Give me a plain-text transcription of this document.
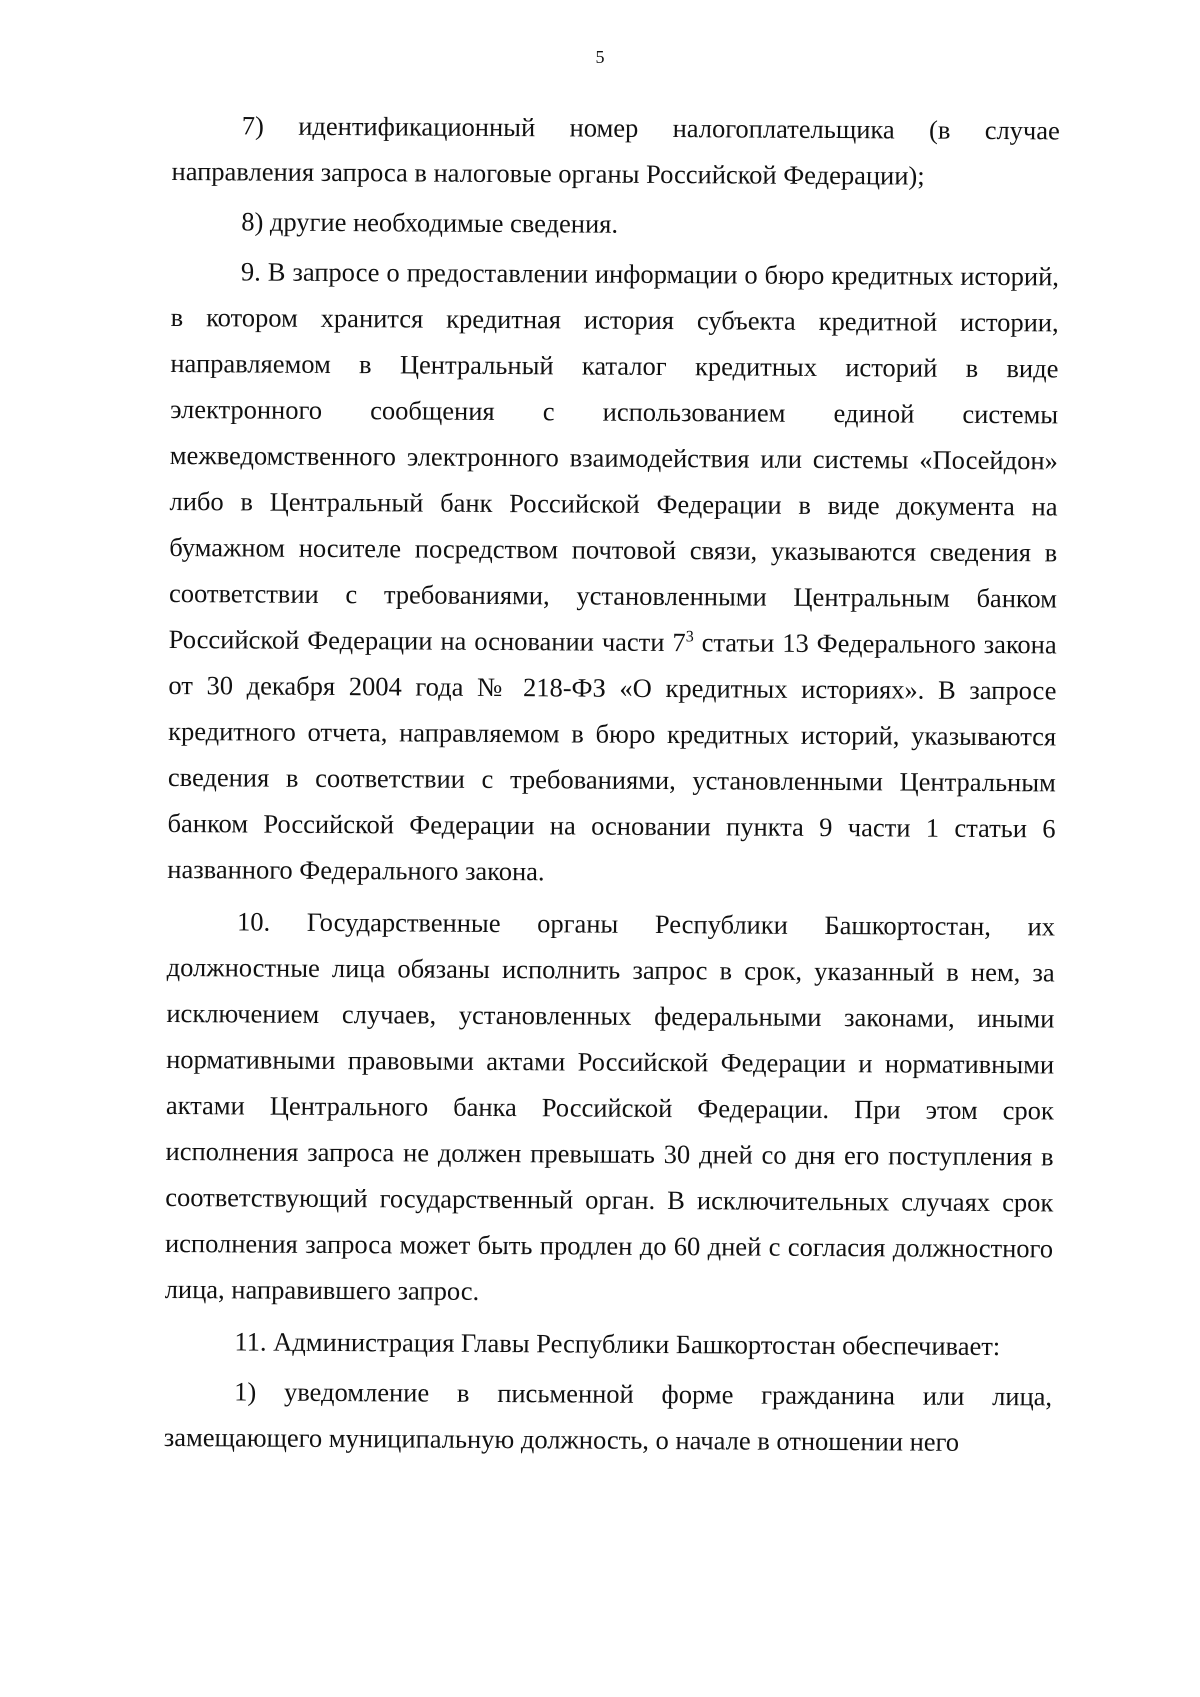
5

7) идентификационный номер налогоплательщика (в случае направления запроса в налоговые органы Российской Федерации);

8) другие необходимые сведения.

9. В запросе о предоставлении информации о бюро кредитных историй, в котором хранится кредитная история субъекта кредитной истории, направляемом в Центральный каталог кредитных историй в виде электронного сообщения с использованием единой системы межведомственного электронного взаимодействия или системы «Посейдон» либо в Центральный банк Российской Федерации в виде документа на бумажном носителе посредством почтовой связи, указываются сведения в соответствии с требованиями, установленными Центральным банком Российской Федерации на основании части $7^3$ статьи 13 Федерального закона от 30 декабря 2004 года № 218-ФЗ «О кредитных историях». В запросе кредитного отчета, направляемом в бюро кредитных историй, указываются сведения в соответствии с требованиями, установленными Центральным банком Российской Федерации на основании пункта 9 части 1 статьи 6 названного Федерального закона.

10. Государственные органы Республики Башкортостан, их должностные лица обязаны исполнить запрос в срок, указанный в нем, за исключением случаев, установленных федеральными законами, иными нормативными правовыми актами Российской Федерации и нормативными актами Центрального банка Российской Федерации. При этом срок исполнения запроса не должен превышать 30 дней со дня его поступления в соответствующий государственный орган. В исключительных случаях срок исполнения запроса может быть продлен до 60 дней с согласия должностного лица, направившего запрос.

11. Администрация Главы Республики Башкортостан обеспечивает:

1) уведомление в письменной форме гражданина или лица, замещающего муниципальную должность, о начале в отношении него
